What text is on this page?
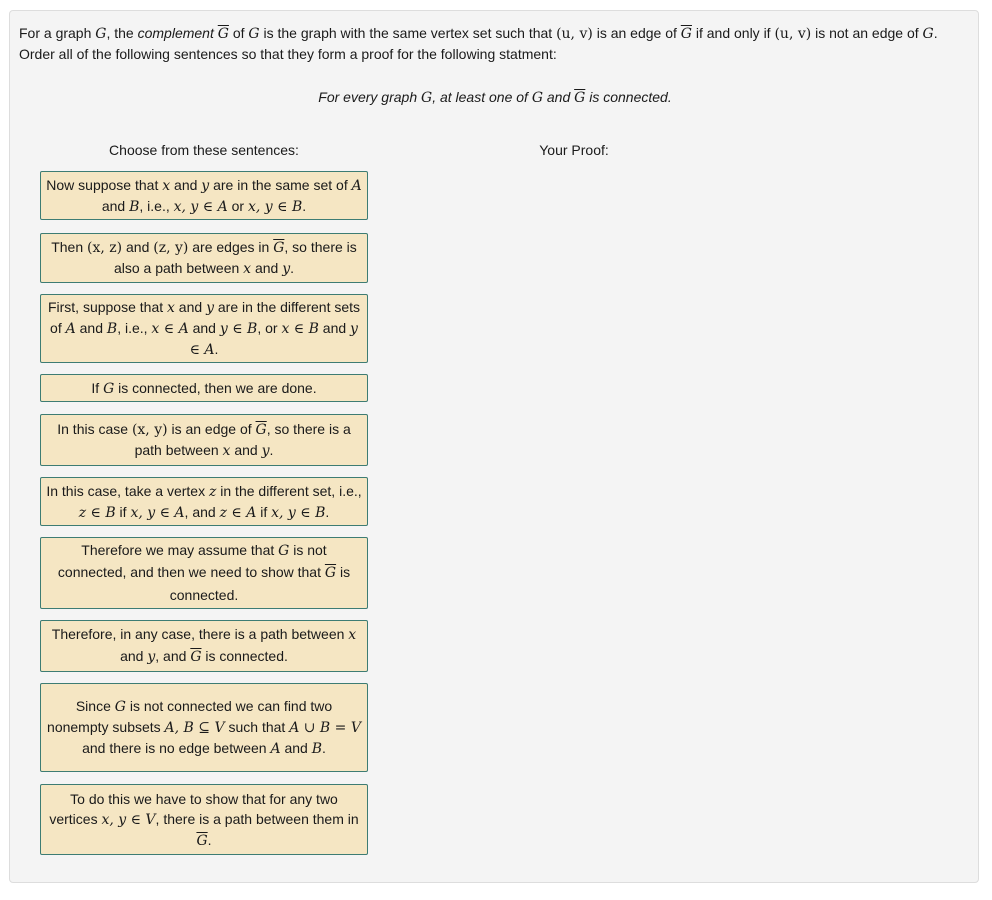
For a graph G, the complement $\overline{G}$ of G is the graph with the same vertex set such that (u, v) is an edge of $\overline{G}$ if and only if (u, v) is not an edge of G.
Order all of the following sentences so that they form a proof for the following statment:
For every graph G, at least one of G and $\overline{G}$ is connected.
Choose from these sentences:	Your Proof:
Now suppose that x and y are in the same set of A and B, i.e., x, y ∈ A or x, y ∈ B.
Then (x, z) and (z, y) are edges in $\overline{G}$, so there is also a path between x and y.
First, suppose that x and y are in the different sets of A and B, i.e., x ∈ A and y ∈ B, or x ∈ B and y ∈ A.
If G is connected, then we are done.
In this case (x, y) is an edge of $\overline{G}$, so there is a path between x and y.
In this case, take a vertex z in the different set, i.e., z ∈ B if x, y ∈ A, and z ∈ A if x, y ∈ B.
Therefore we may assume that G is not connected, and then we need to show that $\overline{G}$ is connected.
Therefore, in any case, there is a path between x and y, and $\overline{G}$ is connected.
Since G is not connected we can find two nonempty subsets A, B ⊆ V such that A ∪ B = V and there is no edge between A and B.
To do this we have to show that for any two vertices x, y ∈ V, there is a path between them in $\overline{G}$.
